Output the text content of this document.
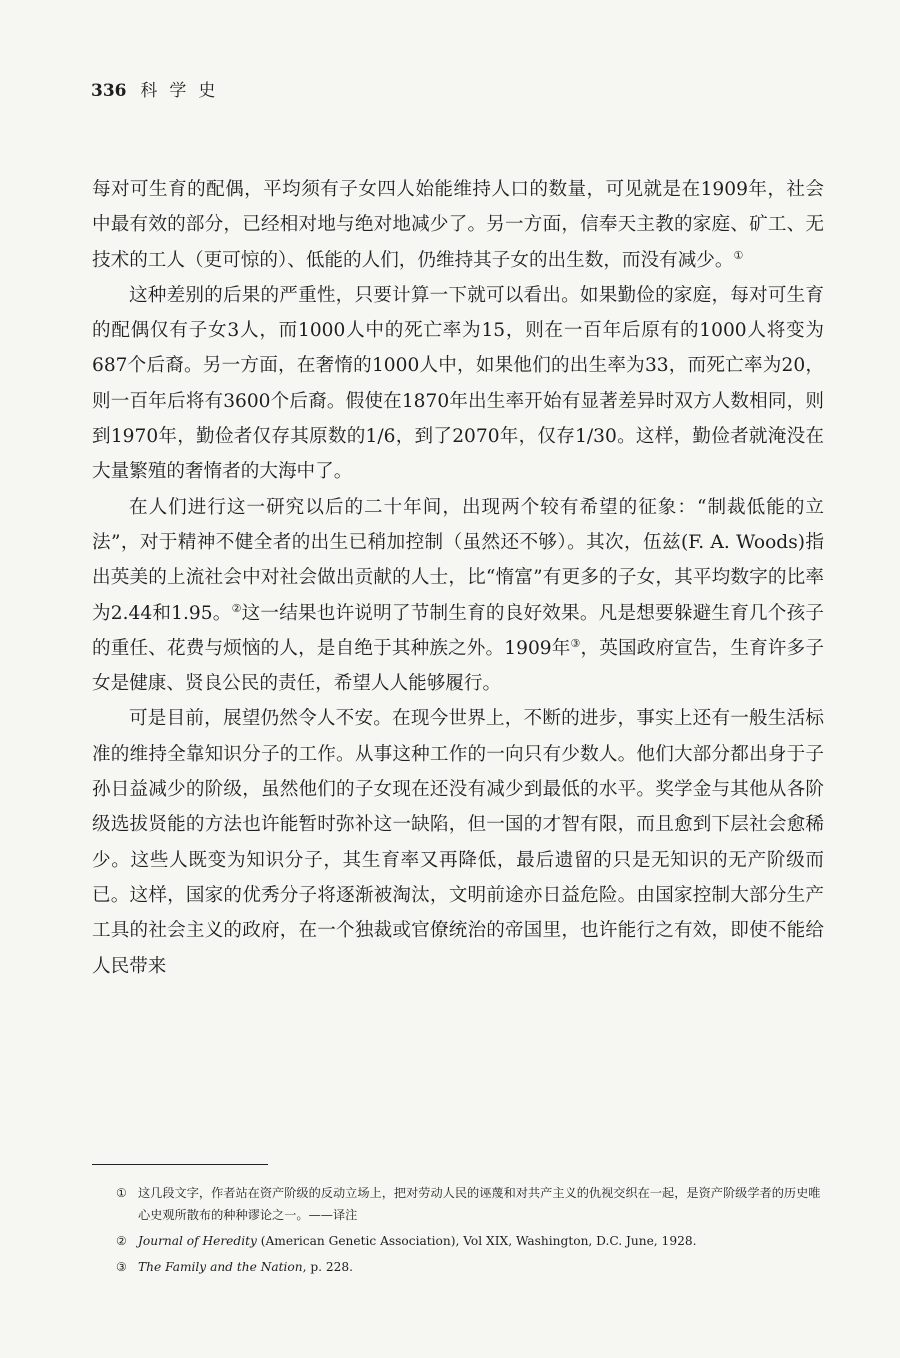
336 科学史

每对可生育的配偶，平均须有子女四人始能维持人口的数量，可见就是在1909年，社会中最有效的部分，已经相对地与绝对地减少了。另一方面，信奉天主教的家庭、矿工、无技术的工人（更可惊的）、低能的人们，仍维持其子女的出生数，而没有减少。①

这种差别的后果的严重性，只要计算一下就可以看出。如果勤俭的家庭，每对可生育的配偶仅有子女3人，而1000人中的死亡率为15，则在一百年后原有的1000人将变为687个后裔。另一方面，在奢惰的1000人中，如果他们的出生率为33，而死亡率为20，则一百年后将有3600个后裔。假使在1870年出生率开始有显著差异时双方人数相同，则到1970年，勤俭者仅存其原数的1/6，到了2070年，仅存1/30。这样，勤俭者就淹没在大量繁殖的奢惰者的大海中了。

在人们进行这一研究以后的二十年间，出现两个较有希望的征象：“制裁低能的立法”，对于精神不健全者的出生已稍加控制（虽然还不够）。其次，伍兹(F. A. Woods)指出英美的上流社会中对社会做出贡献的人士，比“惰富”有更多的子女，其平均数字的比率为2.44和1.95。②这一结果也许说明了节制生育的良好效果。凡是想要躲避生育几个孩子的重任、花费与烦恼的人，是自绝于其种族之外。1909年③，英国政府宣告，生育许多子女是健康、贤良公民的责任，希望人人能够履行。

可是目前，展望仍然令人不安。在现今世界上，不断的进步，事实上还有一般生活标准的维持全靠知识分子的工作。从事这种工作的一向只有少数人。他们大部分都出身于子孙日益减少的阶级，虽然他们的子女现在还没有减少到最低的水平。奖学金与其他从各阶级选拔贤能的方法也许能暂时弥补这一缺陷，但一国的才智有限，而且愈到下层社会愈稀少。这些人既变为知识分子，其生育率又再降低，最后遗留的只是无知识的无产阶级而已。这样，国家的优秀分子将逐渐被淘汰，文明前途亦日益危险。由国家控制大部分生产工具的社会主义的政府，在一个独裁或官僚统治的帝国里，也许能行之有效，即使不能给人民带来

① 这几段文字，作者站在资产阶级的反动立场上，把对劳动人民的诬蔑和对共产主义的仇视交织在一起，是资产阶级学者的历史唯心史观所散布的种种谬论之一。——译注
② Journal of Heredity (American Genetic Association), Vol XIX, Washington, D.C. June, 1928.
③ The Family and the Nation, p. 228.
